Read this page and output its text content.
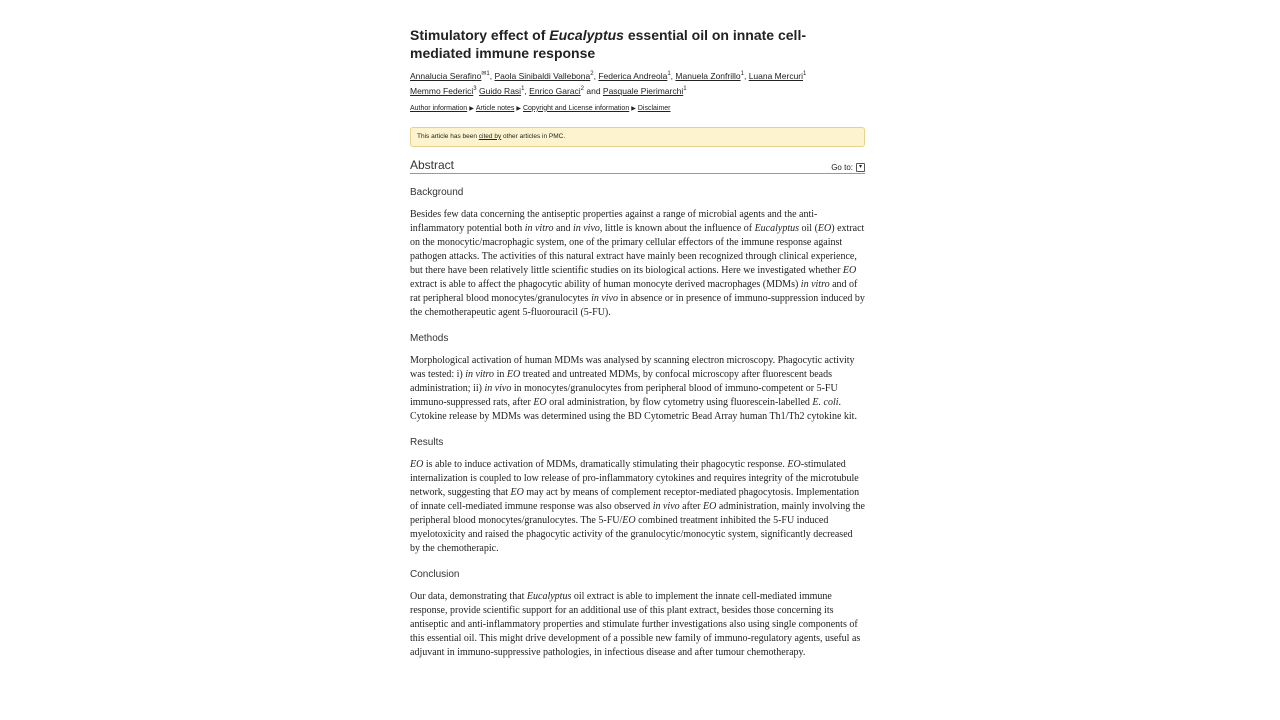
Stimulatory effect of Eucalyptus essential oil on innate cell-mediated immune response
Annalucia Serafino$^{✉1}$, Paola Sinibaldi Vallebona$^2$, Federica Andreola$^1$, Manuela Zonfrillo$^1$, Luana Mercuri$^1$
Memmo Federici$^3$ Guido Rasi$^1$, Enrico Garaci$^2$ and Pasquale Pierimarchi$^1$
Author information ▶ Article notes ▶ Copyright and License information ▶ Disclaimer
This article has been cited by other articles in PMC.
Abstract	Go to: ▾
Background
Besides few data concerning the antiseptic properties against a range of microbial agents and the anti-inflammatory potential both in vitro and in vivo, little is known about the influence of Eucalyptus oil (EO) extract on the monocytic/macrophagic system, one of the primary cellular effectors of the immune response against pathogen attacks. The activities of this natural extract have mainly been recognized through clinical experience, but there have been relatively little scientific studies on its biological actions. Here we investigated whether EO extract is able to affect the phagocytic ability of human monocyte derived macrophages (MDMs) in vitro and of rat peripheral blood monocytes/granulocytes in vivo in absence or in presence of immuno-suppression induced by the chemotherapeutic agent 5-fluorouracil (5-FU).
Methods
Morphological activation of human MDMs was analysed by scanning electron microscopy. Phagocytic activity was tested: i) in vitro in EO treated and untreated MDMs, by confocal microscopy after fluorescent beads administration; ii) in vivo in monocytes/granulocytes from peripheral blood of immuno-competent or 5-FU immuno-suppressed rats, after EO oral administration, by flow cytometry using fluorescein-labelled E. coli. Cytokine release by MDMs was determined using the BD Cytometric Bead Array human Th1/Th2 cytokine kit.
Results
EO is able to induce activation of MDMs, dramatically stimulating their phagocytic response. EO-stimulated internalization is coupled to low release of pro-inflammatory cytokines and requires integrity of the microtubule network, suggesting that EO may act by means of complement receptor-mediated phagocytosis. Implementation of innate cell-mediated immune response was also observed in vivo after EO administration, mainly involving the peripheral blood monocytes/granulocytes. The 5-FU/EO combined treatment inhibited the 5-FU induced myelotoxicity and raised the phagocytic activity of the granulocytic/monocytic system, significantly decreased by the chemotherapic.
Conclusion
Our data, demonstrating that Eucalyptus oil extract is able to implement the innate cell-mediated immune response, provide scientific support for an additional use of this plant extract, besides those concerning its antiseptic and anti-inflammatory properties and stimulate further investigations also using single components of this essential oil. This might drive development of a possible new family of immuno-regulatory agents, useful as adjuvant in immuno-suppressive pathologies, in infectious disease and after tumour chemotherapy.
